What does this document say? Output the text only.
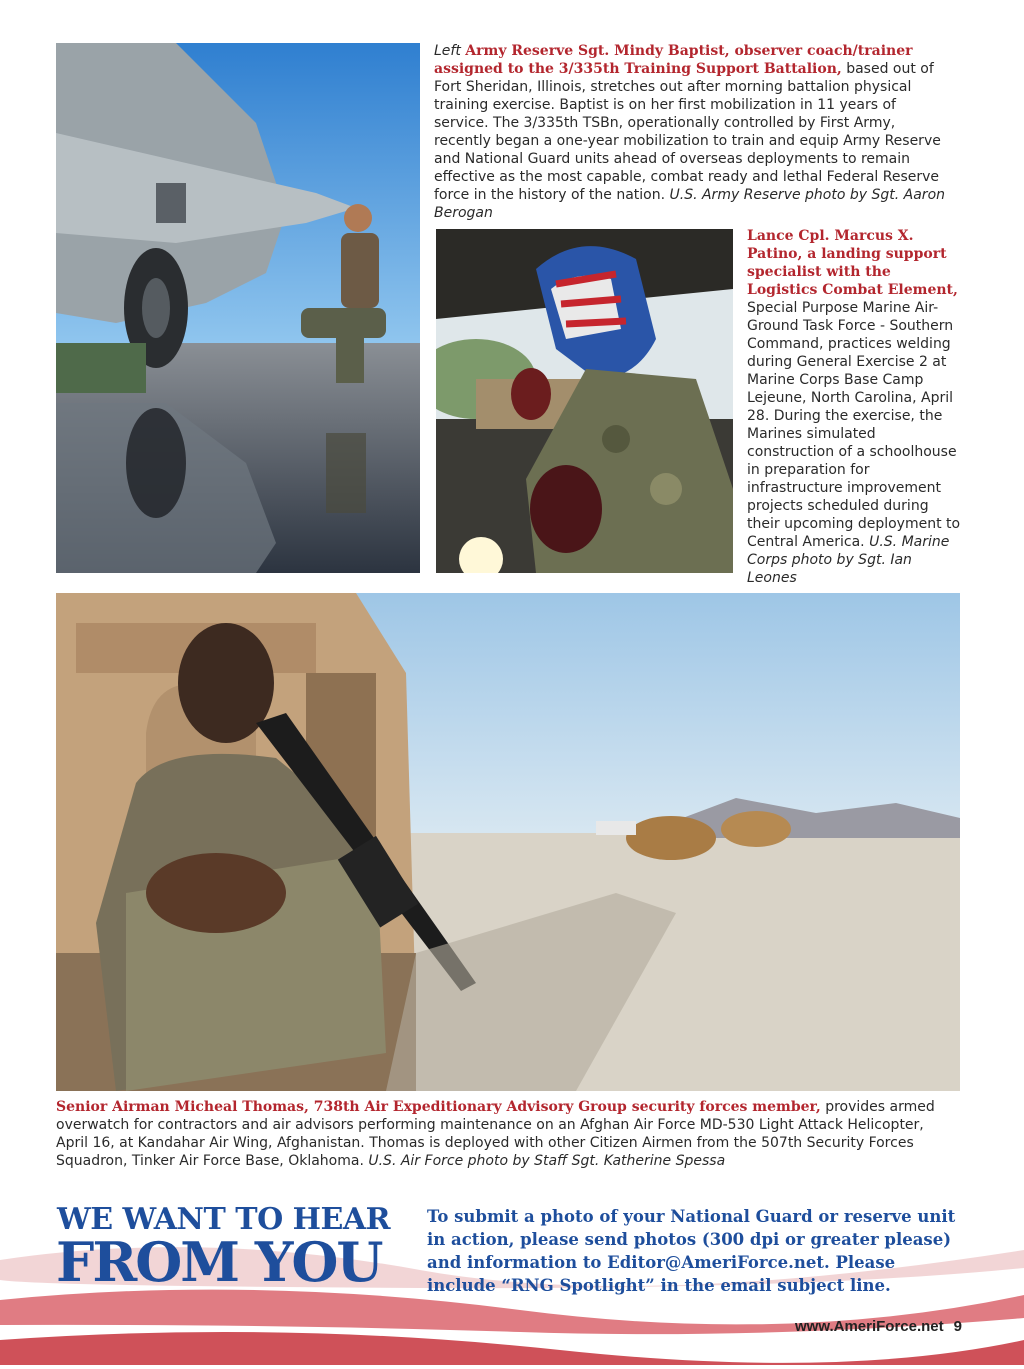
Left Army Reserve Sgt. Mindy Baptist, observer coach/trainer assigned to the 3/335th Training Support Battalion, based out of Fort Sheridan, Illinois, stretches out after morning battalion physical training exercise. Baptist is on her first mobilization in 11 years of service. The 3/335th TSBn, operationally controlled by First Army, recently began a one-year mobilization to train and equip Army Reserve and National Guard units ahead of overseas deployments to remain effective as the most capable, combat ready and lethal Federal Reserve force in the history of the nation. U.S. Army Reserve photo by Sgt. Aaron Berogan
Lance Cpl. Marcus X. Patino, a landing support specialist with the Logistics Combat Element, Special Purpose Marine Air-Ground Task Force - Southern Command, practices welding during General Exercise 2 at Marine Corps Base Camp Lejeune, North Carolina, April 28. During the exercise, the Marines simulated construction of a schoolhouse in preparation for infrastructure improvement projects scheduled during their upcoming deployment to Central America. U.S. Marine Corps photo by Sgt. Ian Leones
Senior Airman Micheal Thomas, 738th Air Expeditionary Advisory Group security forces member, provides armed overwatch for contractors and air advisors performing maintenance on an Afghan Air Force MD-530 Light Attack Helicopter, April 16, at Kandahar Air Wing, Afghanistan. Thomas is deployed with other Citizen Airmen from the 507th Security Forces Squadron, Tinker Air Force Base, Oklahoma. U.S. Air Force photo by Staff Sgt. Katherine Spessa
WE WANT TO HEAR
FROM YOU
To submit a photo of your National Guard or reserve unit in action, please send photos (300 dpi or greater please) and information to Editor@AmeriForce.net. Please include “RNG Spotlight” in the email subject line.
www.AmeriForce.net 9
